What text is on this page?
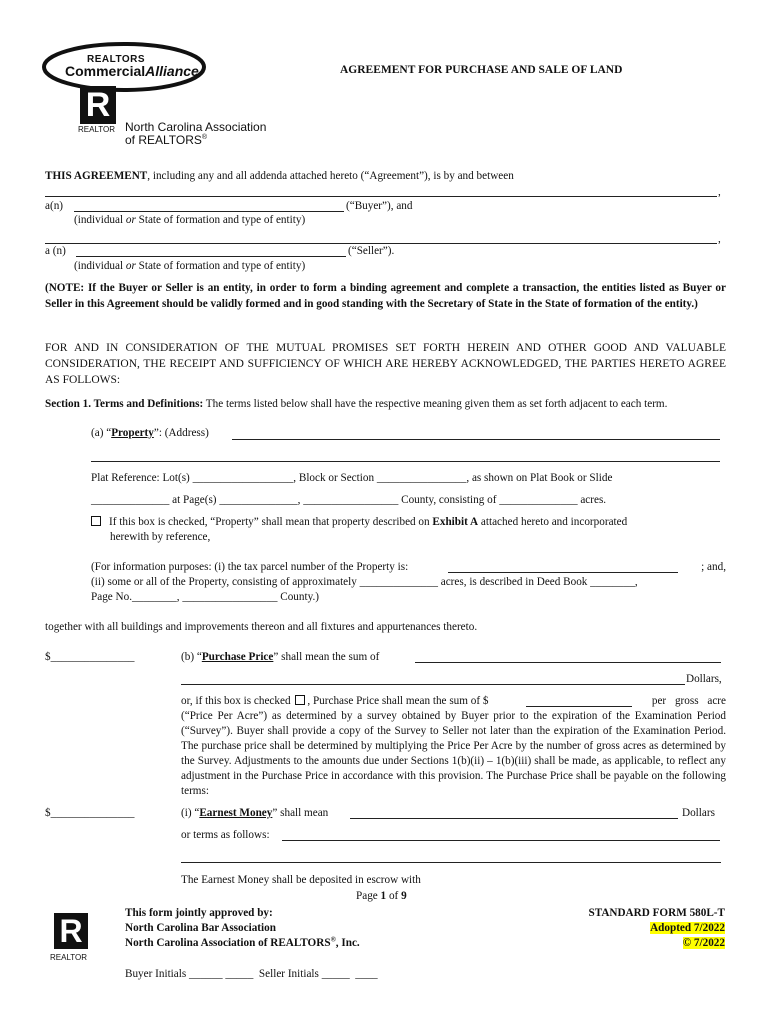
REALTORS
CommercialAlliance
R
REALTOR North Carolina Association
of REALTORS®
AGREEMENT FOR PURCHASE AND SALE OF LAND
THIS AGREEMENT, including any and all addenda attached hereto (“Agreement”), is by and between
,
a(n)	(“Buyer”), and
(individual or State of formation and type of entity)
,
a (n)	(“Seller”).
(individual or State of formation and type of entity)
(NOTE: If the Buyer or Seller is an entity, in order to form a binding agreement and complete a transaction, the entities listed as Buyer or Seller in this Agreement should be validly formed and in good standing with the Secretary of State in the State of formation of the entity.)
FOR AND IN CONSIDERATION OF THE MUTUAL PROMISES SET FORTH HEREIN AND OTHER GOOD AND VALUABLE CONSIDERATION, THE RECEIPT AND SUFFICIENCY OF WHICH ARE HEREBY ACKNOWLEDGED, THE PARTIES HERETO AGREE AS FOLLOWS:
Section 1. Terms and Definitions: The terms listed below shall have the respective meaning given them as set forth adjacent to each term.
(a) “Property”: (Address)
Plat Reference: Lot(s) __________________, Block or Section ________________, as shown on Plat Book or Slide
______________ at Page(s) ______________, _________________ County, consisting of ______________ acres.
If this box is checked, “Property” shall mean that property described on Exhibit A attached hereto and incorporated
herewith by reference,
(For information purposes: (i) the tax parcel number of the Property is:	; and,
(ii) some or all of the Property, consisting of approximately ______________ acres, is described in Deed Book ________,
Page No.________, _________________ County.)
together with all buildings and improvements thereon and all fixtures and appurtenances thereto.
$_______________	(b) “Purchase Price” shall mean the sum of
Dollars,
or, if this box is checked , Purchase Price shall mean the sum of $	per gross acre
(“Price Per Acre”) as determined by a survey obtained by Buyer prior to the expiration of the Examination Period (“Survey”). Buyer shall provide a copy of the Survey to Seller not later than the expiration of the Examination Period. The purchase price shall be determined by multiplying the Price Per Acre by the number of gross acres as determined by the Survey. Adjustments to the amounts due under Sections 1(b)(ii) – 1(b)(iii) shall be made, as applicable, to reflect any adjustment in the Purchase Price in accordance with this provision. The Purchase Price shall be payable on the following terms:
$_______________	(i) “Earnest Money” shall mean	Dollars
or terms as follows:
The Earnest Money shall be deposited in escrow with
Page 1 of 9
R
REALTOR
This form jointly approved by:
North Carolina Bar Association
North Carolina Association of REALTORS®, Inc.
STANDARD FORM 580L-T
Adopted 7/2022
© 7/2022
Buyer Initials ______ _____  Seller Initials _____  ____
